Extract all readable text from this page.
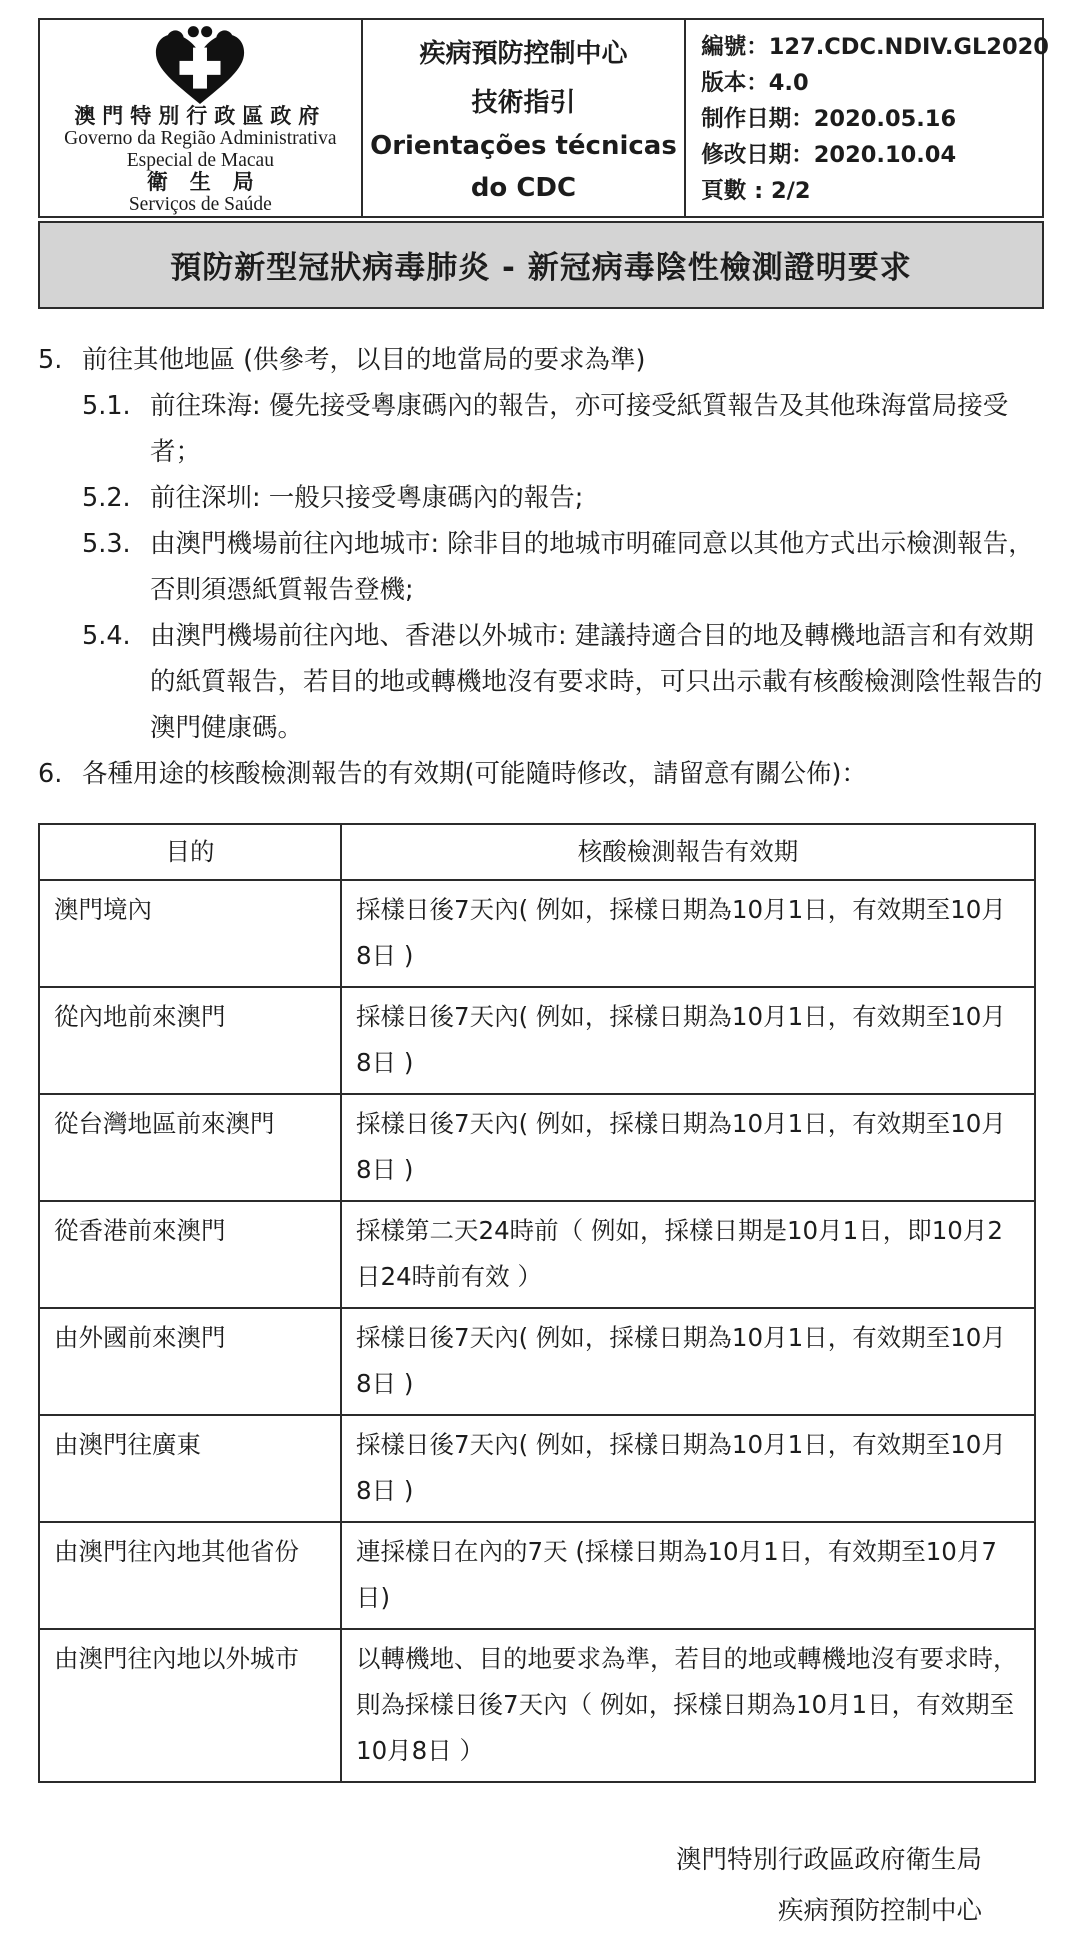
澳門特別行政區政府
Governo da Região Administrativa
Especial de Macau
衛生局
Serviços de Saúde
疾病預防控制中心
技術指引
Orientações técnicas
do CDC
編號：127.CDC.NDIV.GL2020
版本：4.0
制作日期：2020.05.16
修改日期：2020.10.04
頁數 : 2/2
預防新型冠狀病毒肺炎 - 新冠病毒陰性檢測證明要求
5. 前往其他地區 (供參考，以目的地當局的要求為準)
5.1. 前往珠海: 優先接受粵康碼內的報告，亦可接受紙質報告及其他珠海當局接受者；
5.2. 前往深圳: 一般只接受粵康碼內的報告;
5.3. 由澳門機場前往內地城市: 除非目的地城市明確同意以其他方式出示檢測報告，否則須憑紙質報告登機;
5.4. 由澳門機場前往內地、香港以外城市: 建議持適合目的地及轉機地語言和有效期的紙質報告，若目的地或轉機地沒有要求時，可只出示載有核酸檢測陰性報告的澳門健康碼。
6. 各種用途的核酸檢測報告的有效期(可能隨時修改，請留意有關公佈)：
目的	核酸檢測報告有效期
澳門境內	採樣日後7天內( 例如，採樣日期為10月1日，有效期至10月8日 )
從內地前來澳門	採樣日後7天內( 例如，採樣日期為10月1日，有效期至10月8日 )
從台灣地區前來澳門	採樣日後7天內( 例如，採樣日期為10月1日，有效期至10月8日 )
從香港前來澳門	採樣第二天24時前（ 例如，採樣日期是10月1日，即10月2日24時前有效 ）
由外國前來澳門	採樣日後7天內( 例如，採樣日期為10月1日，有效期至10月8日 )
由澳門往廣東	採樣日後7天內( 例如，採樣日期為10月1日，有效期至10月8日 )
由澳門往內地其他省份	連採樣日在內的7天 (採樣日期為10月1日，有效期至10月7日)
由澳門往內地以外城市	以轉機地、目的地要求為準，若目的地或轉機地沒有要求時，則為採樣日後7天內（ 例如，採樣日期為10月1日，有效期至10月8日 ）
澳門特別行政區政府衛生局
疾病預防控制中心
